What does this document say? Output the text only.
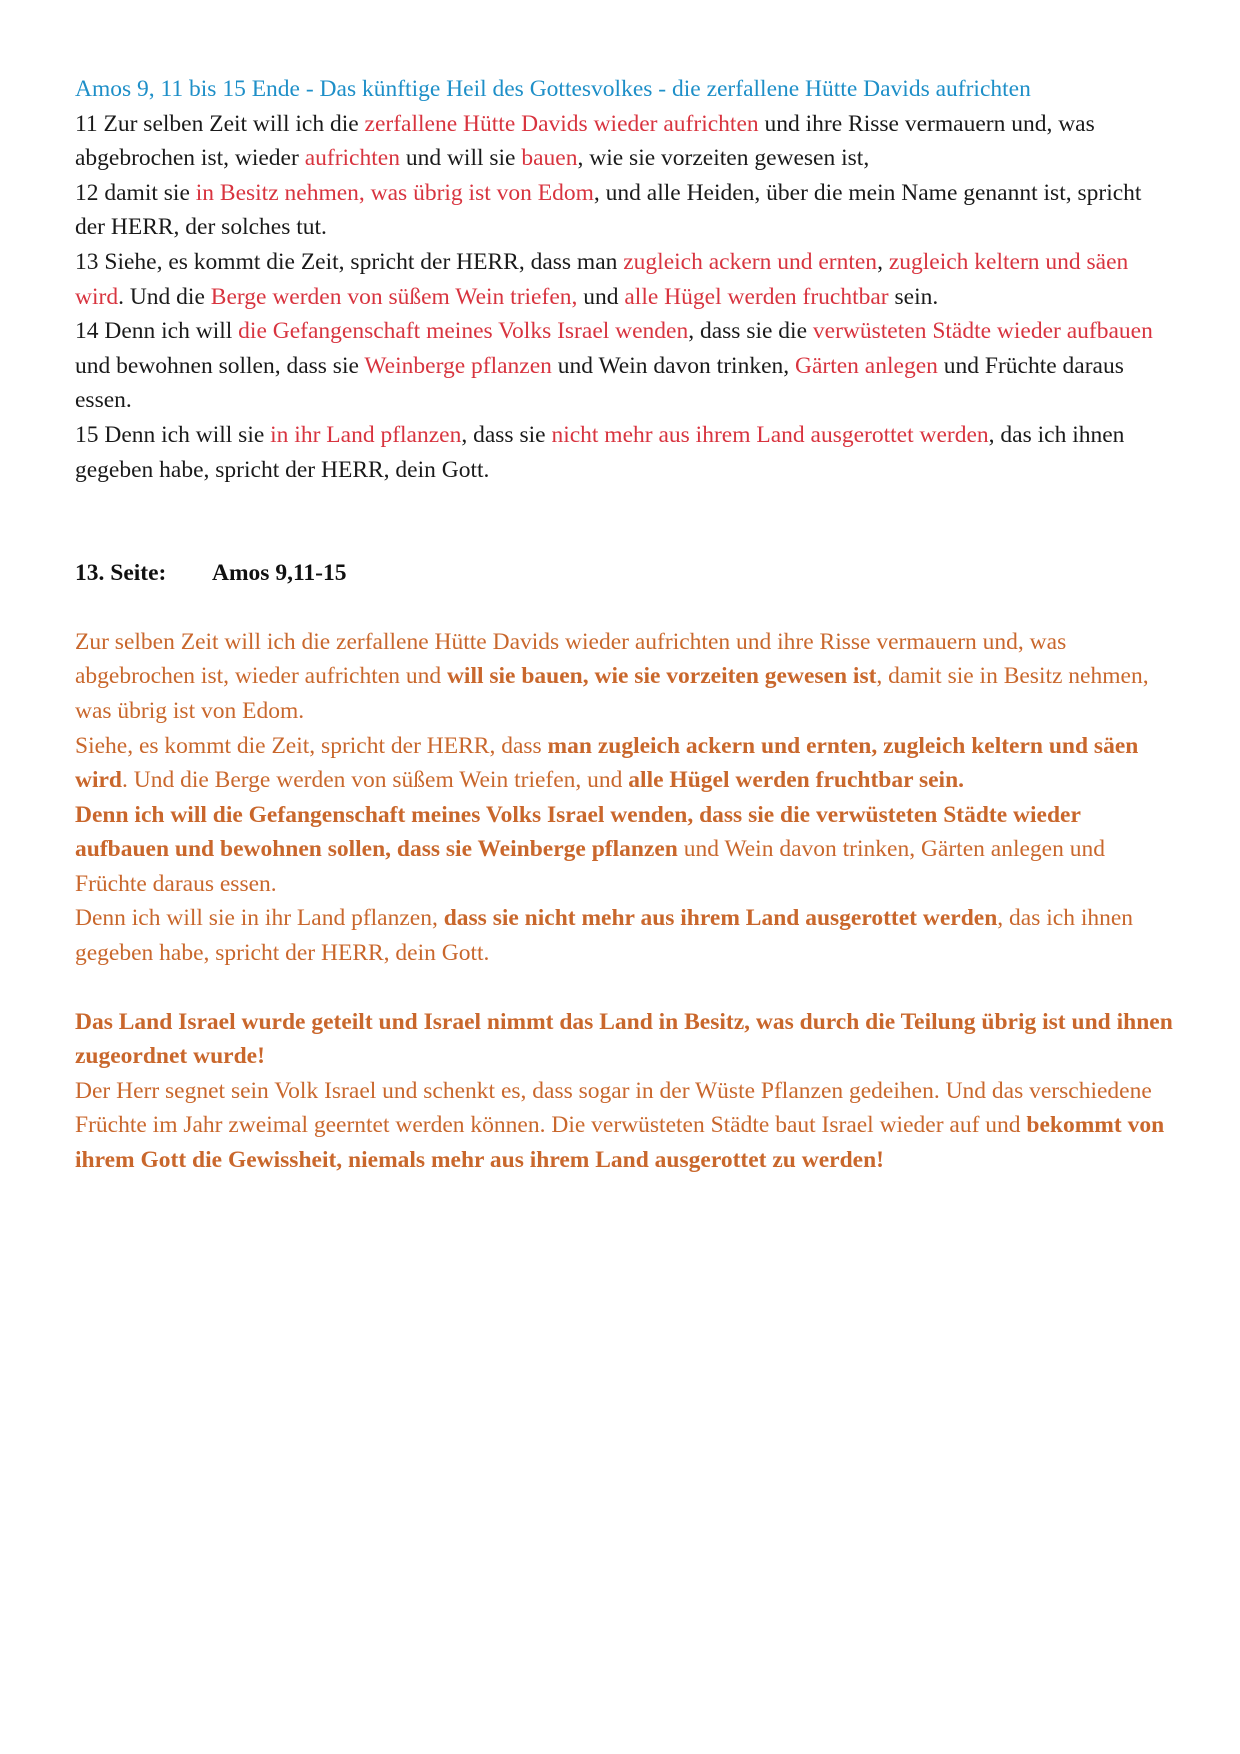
Amos 9, 11 bis 15 Ende - Das künftige Heil des Gottesvolkes - die zerfallene Hütte Davids aufrichten

11 Zur selben Zeit will ich die zerfallene Hütte Davids wieder aufrichten und ihre Risse vermauern und, was abgebrochen ist, wieder aufrichten und will sie bauen, wie sie vorzeiten gewesen ist,

12 damit sie in Besitz nehmen, was übrig ist von Edom, und alle Heiden, über die mein Name genannt ist, spricht der HERR, der solches tut.

13 Siehe, es kommt die Zeit, spricht der HERR, dass man zugleich ackern und ernten, zugleich keltern und säen wird. Und die Berge werden von süßem Wein triefen, und alle Hügel werden fruchtbar sein.

14 Denn ich will die Gefangenschaft meines Volks Israel wenden, dass sie die verwüsteten Städte wieder aufbauen und bewohnen sollen, dass sie Weinberge pflanzen und Wein davon trinken, Gärten anlegen und Früchte daraus essen.

15 Denn ich will sie in ihr Land pflanzen, dass sie nicht mehr aus ihrem Land ausgerottet werden, das ich ihnen gegeben habe, spricht der HERR, dein Gott.

13. Seite: Amos 9,11-15

Zur selben Zeit will ich die zerfallene Hütte Davids wieder aufrichten und ihre Risse vermauern und, was abgebrochen ist, wieder aufrichten und will sie bauen, wie sie vorzeiten gewesen ist, damit sie in Besitz nehmen, was übrig ist von Edom.

Siehe, es kommt die Zeit, spricht der HERR, dass man zugleich ackern und ernten, zugleich keltern und säen wird. Und die Berge werden von süßem Wein triefen, und alle Hügel werden fruchtbar sein.

Denn ich will die Gefangenschaft meines Volks Israel wenden, dass sie die verwüsteten Städte wieder aufbauen und bewohnen sollen, dass sie Weinberge pflanzen und Wein davon trinken, Gärten anlegen und Früchte daraus essen.

Denn ich will sie in ihr Land pflanzen, dass sie nicht mehr aus ihrem Land ausgerottet werden, das ich ihnen gegeben habe, spricht der HERR, dein Gott.

Das Land Israel wurde geteilt und Israel nimmt das Land in Besitz, was durch die Teilung übrig ist und ihnen zugeordnet wurde!

Der Herr segnet sein Volk Israel und schenkt es, dass sogar in der Wüste Pflanzen gedeihen. Und das verschiedene Früchte im Jahr zweimal geerntet werden können. Die verwüsteten Städte baut Israel wieder auf und bekommt von ihrem Gott die Gewissheit, niemals mehr aus ihrem Land ausgerottet zu werden!
